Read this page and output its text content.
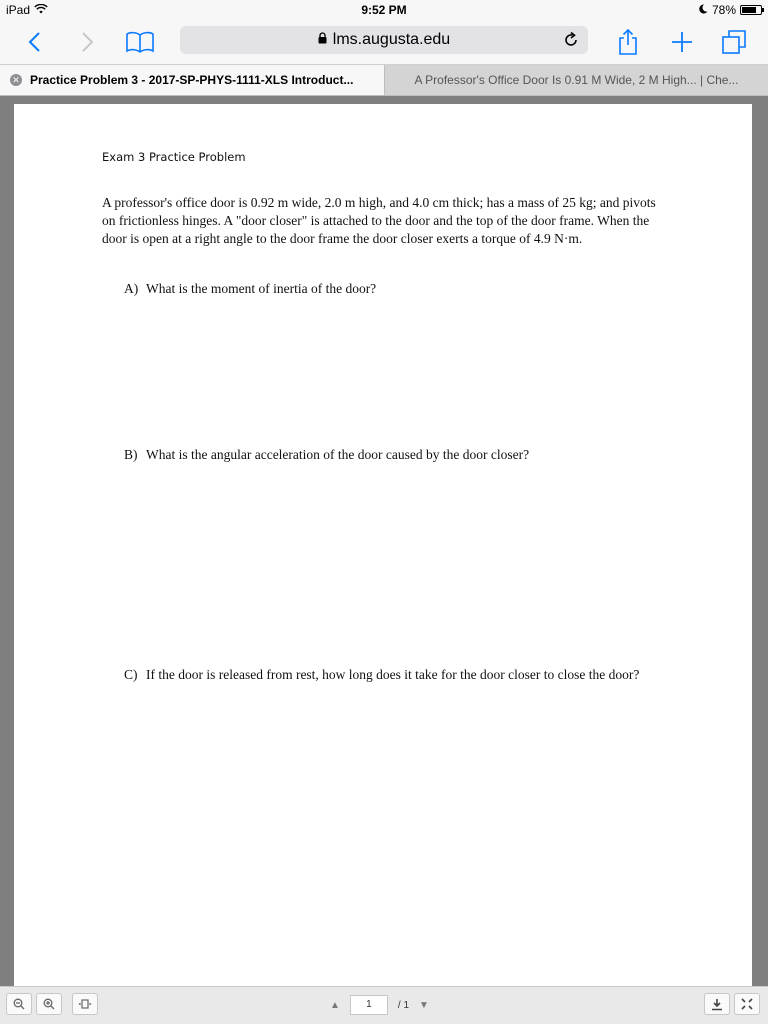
iPad	9:52 PM	78%
lms.augusta.edu
✕ Practice Problem 3 - 2017-SP-PHYS-1111-XLS Introduct...	A Professor's Office Door Is 0.91 M Wide, 2 M High... | Che...
Exam 3 Practice Problem
A professor's office door is 0.92 m wide, 2.0 m high, and 4.0 cm thick; has a mass of 25 kg; and pivots on frictionless hinges. A "door closer" is attached to the door and the top of the door frame. When the door is open at a right angle to the door frame the door closer exerts a torque of 4.9 N·m.
A) What is the moment of inertia of the door?
B) What is the angular acceleration of the door caused by the door closer?
C) If the door is released from rest, how long does it take for the door closer to close the door?
▲	1	/ 1 ▼
